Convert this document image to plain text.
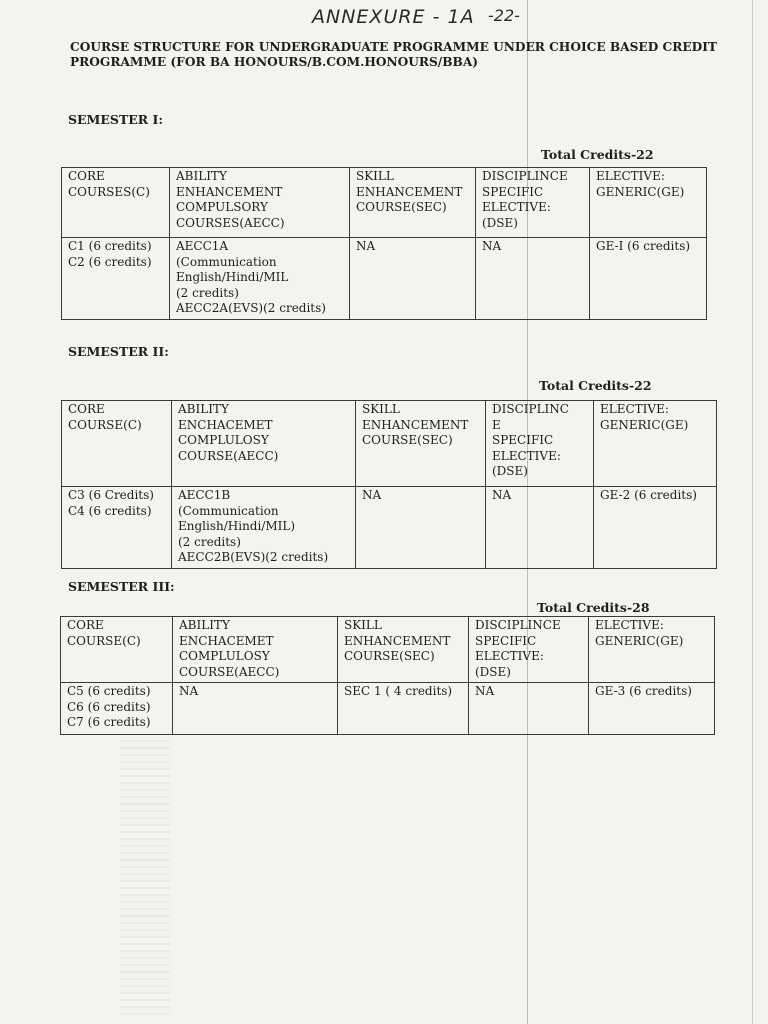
ANNEXURE - 1A -22-
COURSE STRUCTURE FOR UNDERGRADUATE PROGRAMME UNDER CHOICE BASED CREDIT PROGRAMME (FOR BA HONOURS/B.COM.HONOURS/BBA)
SEMESTER I:
Total Credits-22
CORE
COURSES(C)	ABILITY
ENHANCEMENT
COMPULSORY
COURSES(AECC)	SKILL
ENHANCEMENT
COURSE(SEC)	DISCIPLINCE
SPECIFIC
ELECTIVE:
(DSE)	ELECTIVE:
GENERIC(GE)
C1 (6 credits)
C2 (6 credits)	AECC1A
(Communication
English/Hindi/MIL
(2 credits)
AECC2A(EVS)(2 credits)	NA	NA	GE-I (6 credits)
SEMESTER II:
Total Credits-22
CORE
COURSE(C)	ABILITY
ENCHACEMET
COMPLULOSY
COURSE(AECC)	SKILL
ENHANCEMENT
COURSE(SEC)	DISCIPLINC
E
SPECIFIC
ELECTIVE:
(DSE)	ELECTIVE:
GENERIC(GE)
C3 (6 Credits)
C4 (6 credits)	AECC1B
(Communication
English/Hindi/MIL)
(2 credits)
AECC2B(EVS)(2 credits)	NA	NA	GE-2 (6 credits)
SEMESTER III:
Total Credits-28
CORE
COURSE(C)	ABILITY
ENCHACEMET
COMPLULOSY
COURSE(AECC)	SKILL
ENHANCEMENT
COURSE(SEC)	DISCIPLINCE
SPECIFIC
ELECTIVE:
(DSE)	ELECTIVE:
GENERIC(GE)
C5 (6 credits)
C6 (6 credits)
C7 (6 credits)	NA	SEC 1 ( 4 credits)	NA	GE-3 (6 credits)
